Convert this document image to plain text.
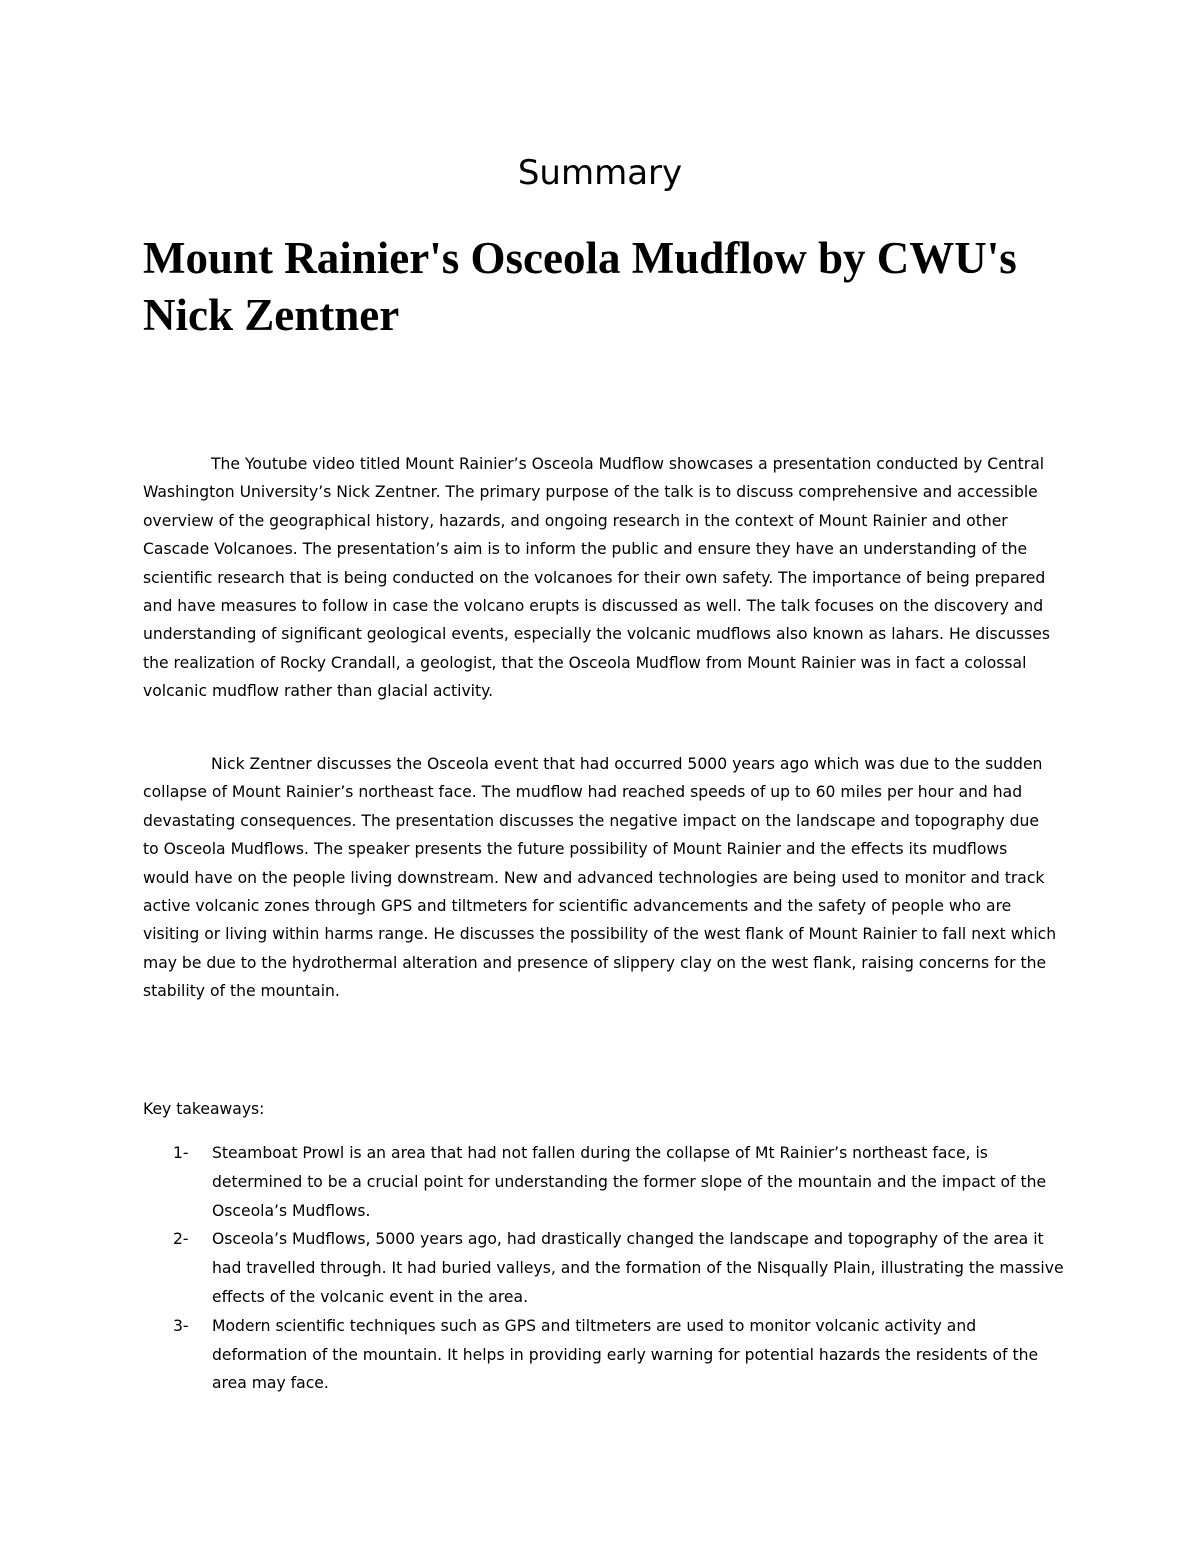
Summary
Mount Rainier's Osceola Mudflow by CWU's Nick Zentner

The Youtube video titled Mount Rainier’s Osceola Mudflow showcases a presentation conducted by Central Washington University’s Nick Zentner. The primary purpose of the talk is to discuss comprehensive and accessible overview of the geographical history, hazards, and ongoing research in the context of Mount Rainier and other Cascade Volcanoes. The presentation’s aim is to inform the public and ensure they have an understanding of the scientific research that is being conducted on the volcanoes for their own safety. The importance of being prepared and have measures to follow in case the volcano erupts is discussed as well. The talk focuses on the discovery and understanding of significant geological events, especially the volcanic mudflows also known as lahars. He discusses the realization of Rocky Crandall, a geologist, that the Osceola Mudflow from Mount Rainier was in fact a colossal volcanic mudflow rather than glacial activity.

Nick Zentner discusses the Osceola event that had occurred 5000 years ago which was due to the sudden collapse of Mount Rainier’s northeast face. The mudflow had reached speeds of up to 60 miles per hour and had devastating consequences. The presentation discusses the negative impact on the landscape and topography due to Osceola Mudflows. The speaker presents the future possibility of Mount Rainier and the effects its mudflows would have on the people living downstream. New and advanced technologies are being used to monitor and track active volcanic zones through GPS and tiltmeters for scientific advancements and the safety of people who are visiting or living within harms range. He discusses the possibility of the west flank of Mount Rainier to fall next which may be due to the hydrothermal alteration and presence of slippery clay on the west flank, raising concerns for the stability of the mountain.

Key takeaways:

1- Steamboat Prowl is an area that had not fallen during the collapse of Mt Rainier’s northeast face, is determined to be a crucial point for understanding the former slope of the mountain and the impact of the Osceola’s Mudflows.
2- Osceola’s Mudflows, 5000 years ago, had drastically changed the landscape and topography of the area it had travelled through. It had buried valleys, and the formation of the Nisqually Plain, illustrating the massive effects of the volcanic event in the area.
3- Modern scientific techniques such as GPS and tiltmeters are used to monitor volcanic activity and deformation of the mountain. It helps in providing early warning for potential hazards the residents of the area may face.
